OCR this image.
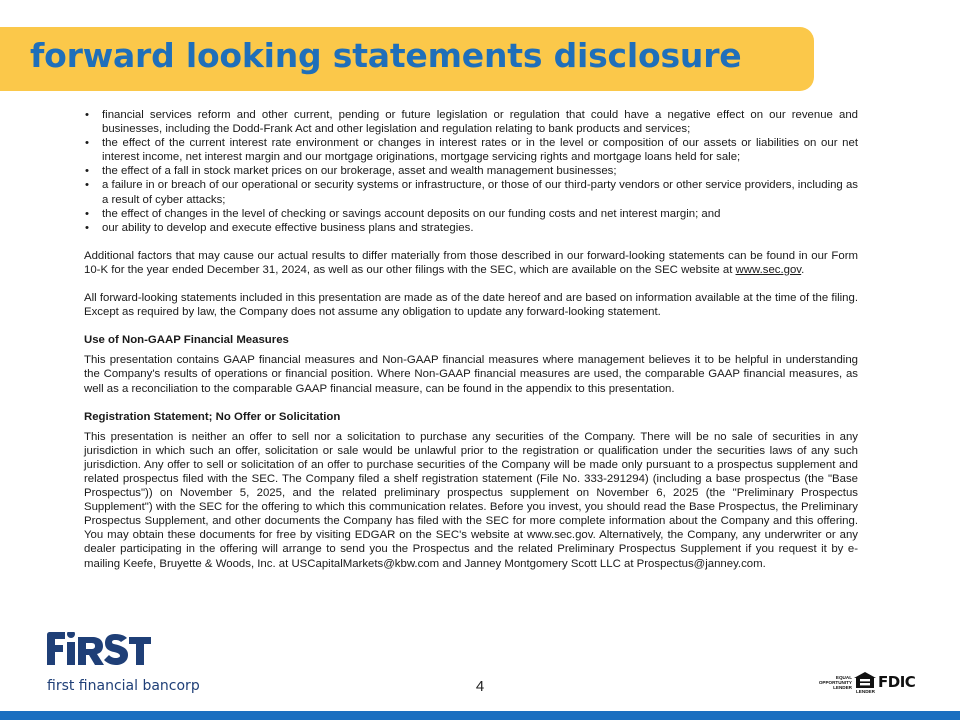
forward looking statements disclosure
• financial services reform and other current, pending or future legislation or regulation that could have a negative effect on our revenue and businesses, including the Dodd-Frank Act and other legislation and regulation relating to bank products and services;
• the effect of the current interest rate environment or changes in interest rates or in the level or composition of our assets or liabilities on our net interest income, net interest margin and our mortgage originations, mortgage servicing rights and mortgage loans held for sale;
• the effect of a fall in stock market prices on our brokerage, asset and wealth management businesses;
• a failure in or breach of our operational or security systems or infrastructure, or those of our third-party vendors or other service providers, including as a result of cyber attacks;
• the effect of changes in the level of checking or savings account deposits on our funding costs and net interest margin; and
• our ability to develop and execute effective business plans and strategies.

Additional factors that may cause our actual results to differ materially from those described in our forward-looking statements can be found in our Form 10-K for the year ended December 31, 2024, as well as our other filings with the SEC, which are available on the SEC website at www.sec.gov.

All forward-looking statements included in this presentation are made as of the date hereof and are based on information available at the time of the filing. Except as required by law, the Company does not assume any obligation to update any forward-looking statement.

Use of Non-GAAP Financial Measures

This presentation contains GAAP financial measures and Non-GAAP financial measures where management believes it to be helpful in understanding the Company's results of operations or financial position. Where Non-GAAP financial measures are used, the comparable GAAP financial measures, as well as a reconciliation to the comparable GAAP financial measure, can be found in the appendix to this presentation.

Registration Statement; No Offer or Solicitation

This presentation is neither an offer to sell nor a solicitation to purchase any securities of the Company. There will be no sale of securities in any jurisdiction in which such an offer, solicitation or sale would be unlawful prior to the registration or qualification under the securities laws of any such jurisdiction. Any offer to sell or solicitation of an offer to purchase securities of the Company will be made only pursuant to a prospectus supplement and related prospectus filed with the SEC. The Company filed a shelf registration statement (File No. 333-291294) (including a base prospectus (the "Base Prospectus")) on November 5, 2025, and the related preliminary prospectus supplement on November 6, 2025 (the "Preliminary Prospectus Supplement") with the SEC for the offering to which this communication relates. Before you invest, you should read the Base Prospectus, the Preliminary Prospectus Supplement, and other documents the Company has filed with the SEC for more complete information about the Company and this offering. You may obtain these documents for free by visiting EDGAR on the SEC's website at www.sec.gov. Alternatively, the Company, any underwriter or any dealer participating in the offering will arrange to send you the Prospectus and the related Preliminary Prospectus Supplement if you request it by e-mailing Keefe, Bruyette & Woods, Inc. at USCapitalMarkets@kbw.com and Janney Montgomery Scott LLC at Prospectus@janney.com.

first financial bancorp	4
EQUAL OPPORTUNITY LENDER
LENDER
FDIC
